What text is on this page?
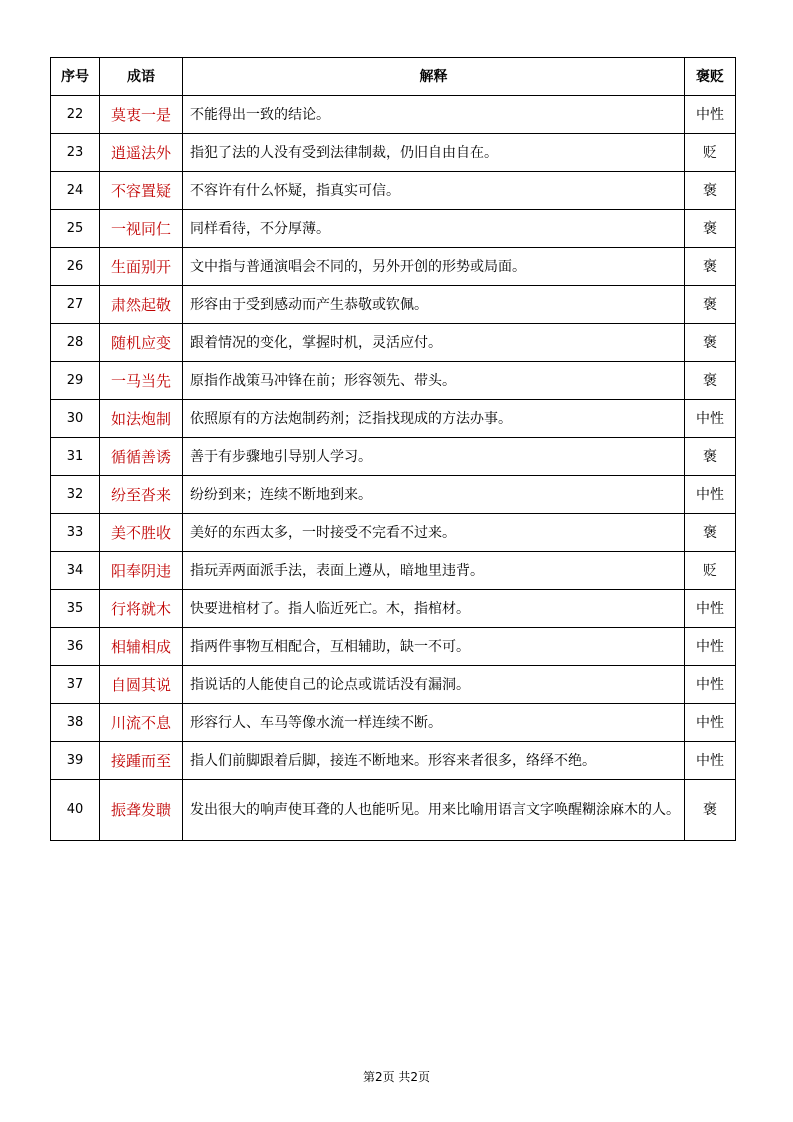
序号	成语	解释	褒贬
22	莫衷一是	不能得出一致的结论。	中性
23	逍遥法外	指犯了法的人没有受到法律制裁，仍旧自由自在。	贬
24	不容置疑	不容许有什么怀疑，指真实可信。	褒
25	一视同仁	同样看待，不分厚薄。	褒
26	生面别开	文中指与普通演唱会不同的，另外开创的形势或局面。	褒
27	肃然起敬	形容由于受到感动而产生恭敬或钦佩。	褒
28	随机应变	跟着情况的变化，掌握时机，灵活应付。	褒
29	一马当先	原指作战策马冲锋在前；形容领先、带头。	褒
30	如法炮制	依照原有的方法炮制药剂；泛指找现成的方法办事。	中性
31	循循善诱	善于有步骤地引导别人学习。	褒
32	纷至沓来	纷纷到来；连续不断地到来。	中性
33	美不胜收	美好的东西太多，一时接受不完看不过来。	褒
34	阳奉阴违	指玩弄两面派手法，表面上遵从，暗地里违背。	贬
35	行将就木	快要进棺材了。指人临近死亡。木，指棺材。	中性
36	相辅相成	指两件事物互相配合，互相辅助，缺一不可。	中性
37	自圆其说	指说话的人能使自己的论点或谎话没有漏洞。	中性
38	川流不息	形容行人、车马等像水流一样连续不断。	中性
39	接踵而至	指人们前脚跟着后脚，接连不断地来。形容来者很多，络绎不绝。	中性
40	振聋发聩	发出很大的响声使耳聋的人也能听见。用来比喻用语言文字唤醒糊涂麻木的人。	褒
第2页 共2页
